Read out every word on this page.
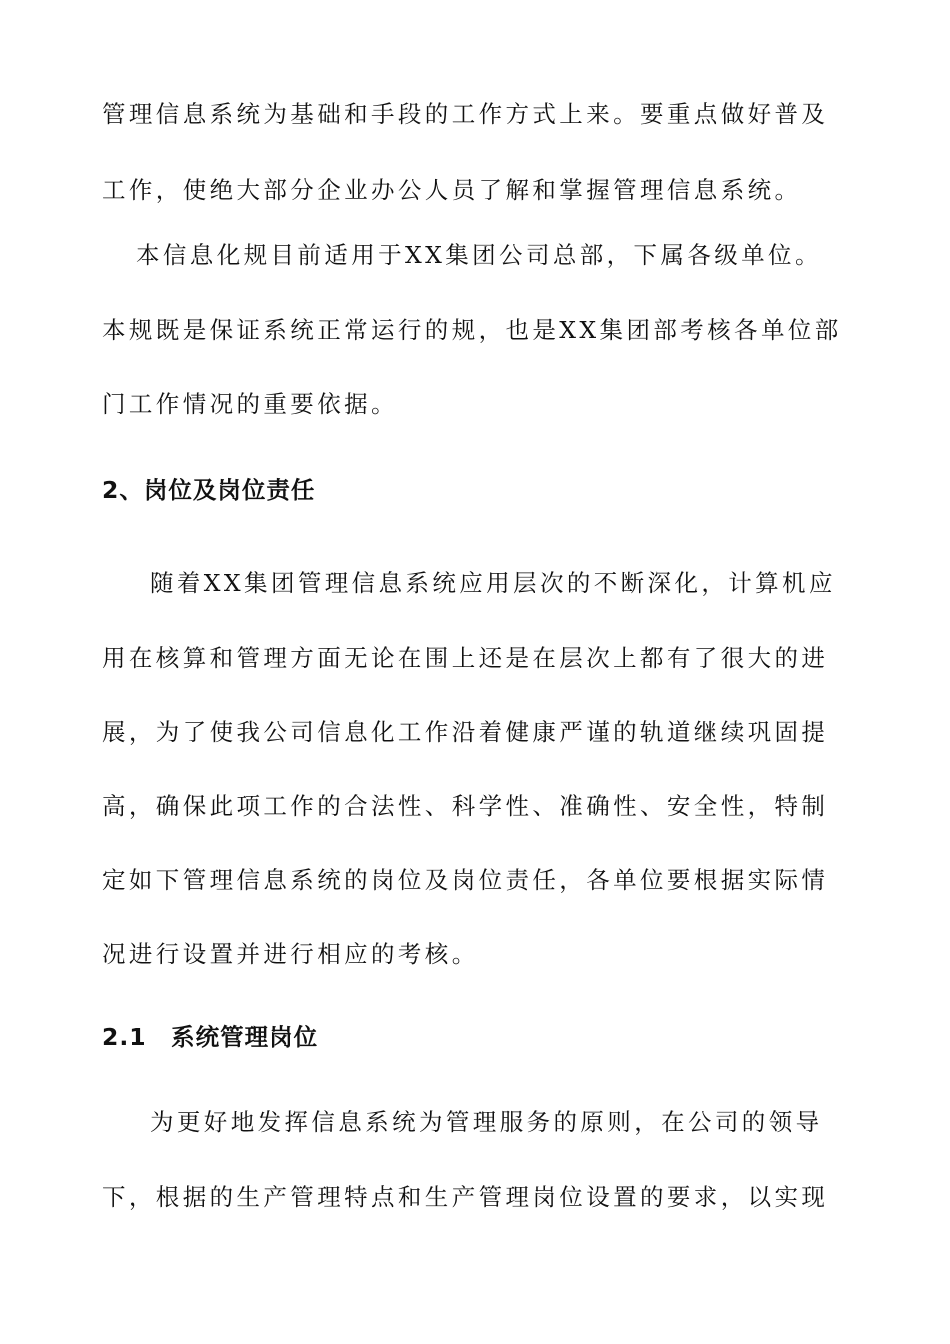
管理信息系统为基础和手段的工作方式上来。要重点做好普及
工作，使绝大部分企业办公人员了解和掌握管理信息系统。
本信息化规目前适用于XX集团公司总部，下属各级单位。
本规既是保证系统正常运行的规，也是XX集团部考核各单位部
门工作情况的重要依据。
2、岗位及岗位责任
随着XX集团管理信息系统应用层次的不断深化，计算机应
用在核算和管理方面无论在围上还是在层次上都有了很大的进
展，为了使我公司信息化工作沿着健康严谨的轨道继续巩固提
高，确保此项工作的合法性、科学性、准确性、安全性，特制
定如下管理信息系统的岗位及岗位责任，各单位要根据实际情
况进行设置并进行相应的考核。
2.1　系统管理岗位
为更好地发挥信息系统为管理服务的原则，在公司的领导
下，根据的生产管理特点和生产管理岗位设置的要求，以实现
